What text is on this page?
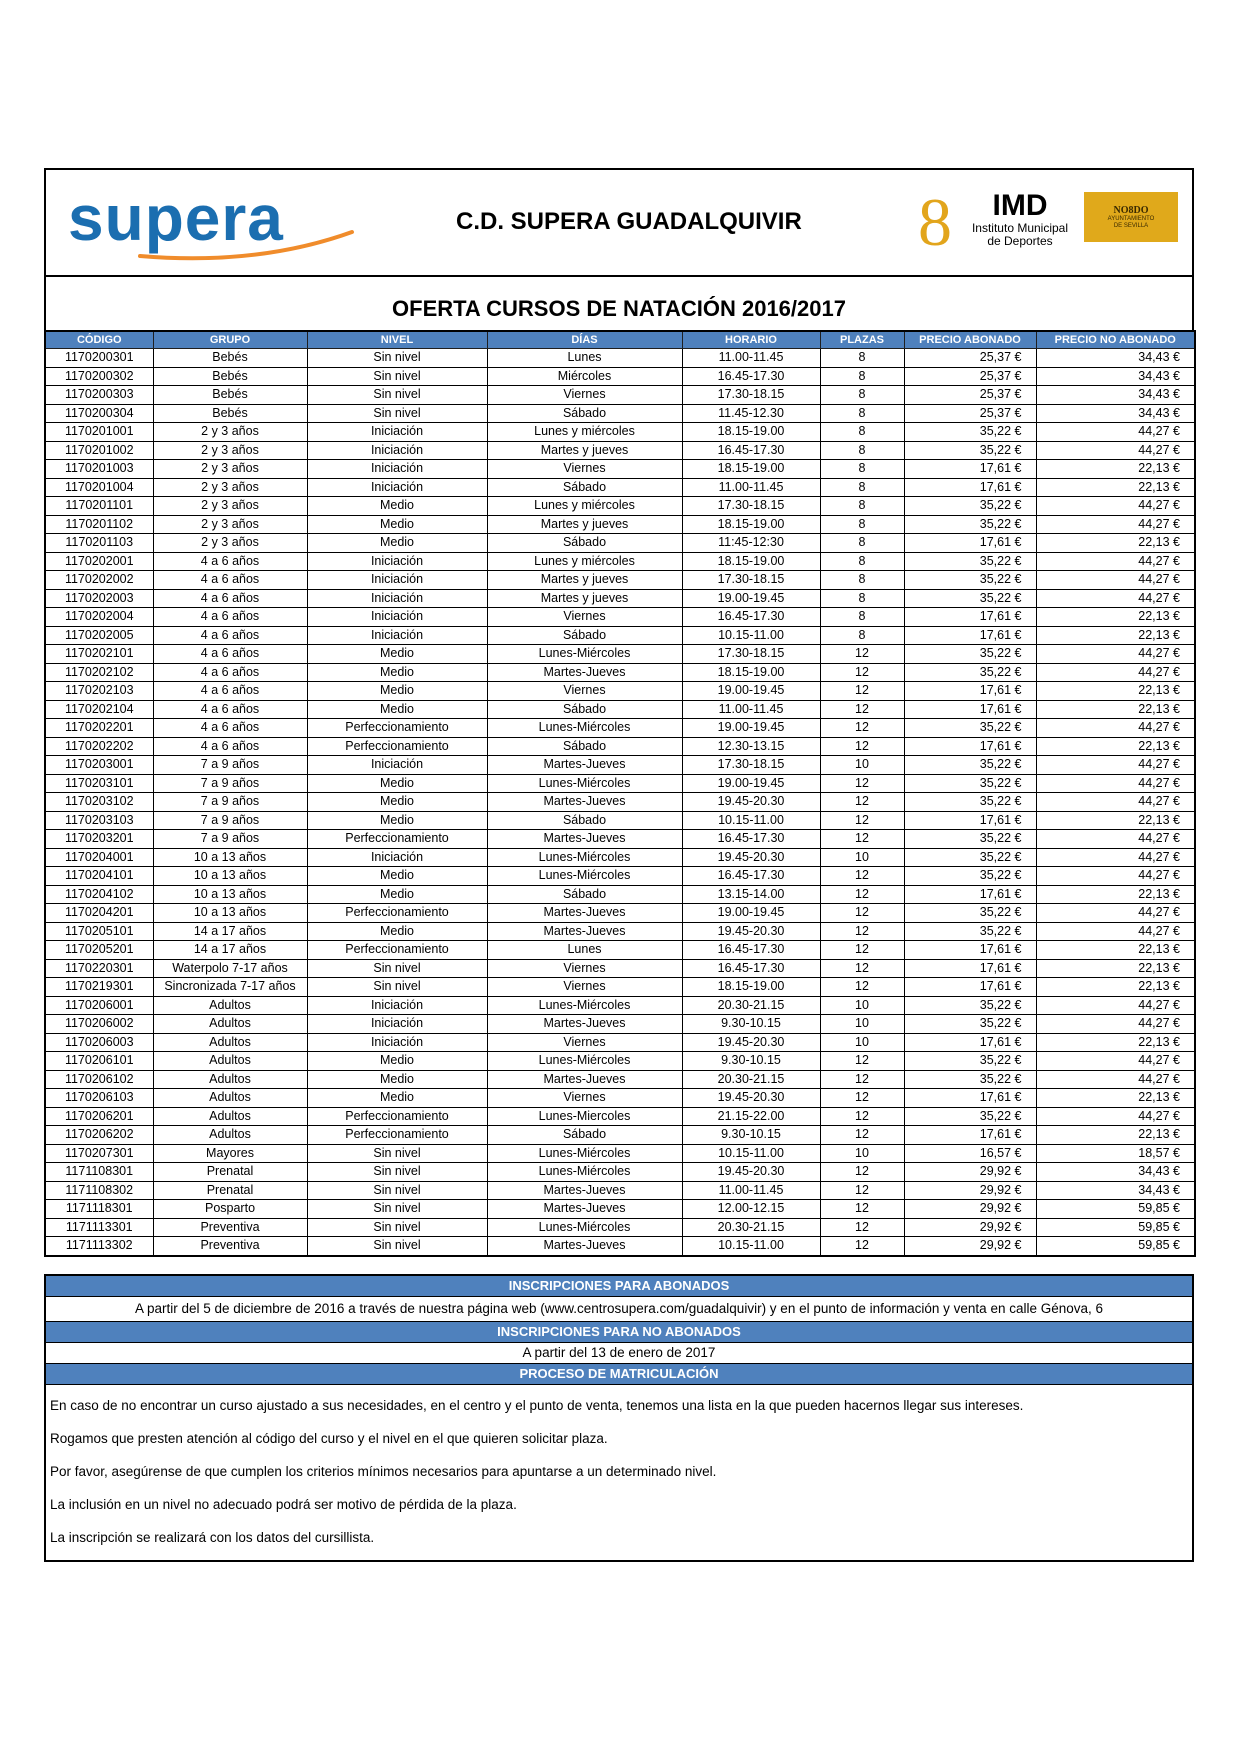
supera	C.D. SUPERA GUADALQUIVIR 8	IMD
Instituto Municipal
de Deportes
NO8DO
AYUNTAMIENTO
DE SEVILLA
OFERTA CURSOS DE NATACIÓN 2016/2017
CÓDIGO	GRUPO	NIVEL	DÍAS	HORARIO	PLAZAS	PRECIO ABONADO	PRECIO NO ABONADO
1170200301	Bebés	Sin nivel	Lunes	11.00-11.45	8	25,37 €	34,43 €
1170200302	Bebés	Sin nivel	Miércoles	16.45-17.30	8	25,37 €	34,43 €
1170200303	Bebés	Sin nivel	Viernes	17.30-18.15	8	25,37 €	34,43 €
1170200304	Bebés	Sin nivel	Sábado	11.45-12.30	8	25,37 €	34,43 €
1170201001	2 y 3 años	Iniciación	Lunes y miércoles	18.15-19.00	8	35,22 €	44,27 €
1170201002	2 y 3 años	Iniciación	Martes y jueves	16.45-17.30	8	35,22 €	44,27 €
1170201003	2 y 3 años	Iniciación	Viernes	18.15-19.00	8	17,61 €	22,13 €
1170201004	2 y 3 años	Iniciación	Sábado	11.00-11.45	8	17,61 €	22,13 €
1170201101	2 y 3 años	Medio	Lunes y miércoles	17.30-18.15	8	35,22 €	44,27 €
1170201102	2 y 3 años	Medio	Martes y jueves	18.15-19.00	8	35,22 €	44,27 €
1170201103	2 y 3 años	Medio	Sábado	11:45-12:30	8	17,61 €	22,13 €
1170202001	4 a 6 años	Iniciación	Lunes y miércoles	18.15-19.00	8	35,22 €	44,27 €
1170202002	4 a 6 años	Iniciación	Martes y jueves	17.30-18.15	8	35,22 €	44,27 €
1170202003	4 a 6 años	Iniciación	Martes y jueves	19.00-19.45	8	35,22 €	44,27 €
1170202004	4 a 6 años	Iniciación	Viernes	16.45-17.30	8	17,61 €	22,13 €
1170202005	4 a 6 años	Iniciación	Sábado	10.15-11.00	8	17,61 €	22,13 €
1170202101	4 a 6 años	Medio	Lunes-Miércoles	17.30-18.15	12	35,22 €	44,27 €
1170202102	4 a 6 años	Medio	Martes-Jueves	18.15-19.00	12	35,22 €	44,27 €
1170202103	4 a 6 años	Medio	Viernes	19.00-19.45	12	17,61 €	22,13 €
1170202104	4 a 6 años	Medio	Sábado	11.00-11.45	12	17,61 €	22,13 €
1170202201	4 a 6 años	Perfeccionamiento	Lunes-Miércoles	19.00-19.45	12	35,22 €	44,27 €
1170202202	4 a 6 años	Perfeccionamiento	Sábado	12.30-13.15	12	17,61 €	22,13 €
1170203001	7 a 9 años	Iniciación	Martes-Jueves	17.30-18.15	10	35,22 €	44,27 €
1170203101	7 a 9 años	Medio	Lunes-Miércoles	19.00-19.45	12	35,22 €	44,27 €
1170203102	7 a 9 años	Medio	Martes-Jueves	19.45-20.30	12	35,22 €	44,27 €
1170203103	7 a 9 años	Medio	Sábado	10.15-11.00	12	17,61 €	22,13 €
1170203201	7 a 9 años	Perfeccionamiento	Martes-Jueves	16.45-17.30	12	35,22 €	44,27 €
1170204001	10 a 13 años	Iniciación	Lunes-Miércoles	19.45-20.30	10	35,22 €	44,27 €
1170204101	10 a 13 años	Medio	Lunes-Miércoles	16.45-17.30	12	35,22 €	44,27 €
1170204102	10 a 13 años	Medio	Sábado	13.15-14.00	12	17,61 €	22,13 €
1170204201	10 a 13 años	Perfeccionamiento	Martes-Jueves	19.00-19.45	12	35,22 €	44,27 €
1170205101	14 a 17 años	Medio	Martes-Jueves	19.45-20.30	12	35,22 €	44,27 €
1170205201	14 a 17 años	Perfeccionamiento	Lunes	16.45-17.30	12	17,61 €	22,13 €
1170220301	Waterpolo 7-17 años	Sin nivel	Viernes	16.45-17.30	12	17,61 €	22,13 €
1170219301	Sincronizada 7-17 años	Sin nivel	Viernes	18.15-19.00	12	17,61 €	22,13 €
1170206001	Adultos	Iniciación	Lunes-Miércoles	20.30-21.15	10	35,22 €	44,27 €
1170206002	Adultos	Iniciación	Martes-Jueves	9.30-10.15	10	35,22 €	44,27 €
1170206003	Adultos	Iniciación	Viernes	19.45-20.30	10	17,61 €	22,13 €
1170206101	Adultos	Medio	Lunes-Miércoles	9.30-10.15	12	35,22 €	44,27 €
1170206102	Adultos	Medio	Martes-Jueves	20.30-21.15	12	35,22 €	44,27 €
1170206103	Adultos	Medio	Viernes	19.45-20.30	12	17,61 €	22,13 €
1170206201	Adultos	Perfeccionamiento	Lunes-Miercoles	21.15-22.00	12	35,22 €	44,27 €
1170206202	Adultos	Perfeccionamiento	Sábado	9.30-10.15	12	17,61 €	22,13 €
1170207301	Mayores	Sin nivel	Lunes-Miércoles	10.15-11.00	10	16,57 €	18,57 €
1171108301	Prenatal	Sin nivel	Lunes-Miércoles	19.45-20.30	12	29,92 €	34,43 €
1171108302	Prenatal	Sin nivel	Martes-Jueves	11.00-11.45	12	29,92 €	34,43 €
1171118301	Posparto	Sin nivel	Martes-Jueves	12.00-12.15	12	29,92 €	59,85 €
1171113301	Preventiva	Sin nivel	Lunes-Miércoles	20.30-21.15	12	29,92 €	59,85 €
1171113302	Preventiva	Sin nivel	Martes-Jueves	10.15-11.00	12	29,92 €	59,85 €
INSCRIPCIONES PARA ABONADOS
A partir del 5 de diciembre de 2016 a través de nuestra página web (www.centrosupera.com/guadalquivir) y en el punto de información y venta en calle Génova, 6
INSCRIPCIONES PARA NO ABONADOS
A partir del 13 de enero de 2017
PROCESO DE MATRICULACIÓN
En caso de no encontrar un curso ajustado a sus necesidades, en el centro y el punto de venta, tenemos una lista en la que pueden hacernos llegar sus intereses.
Rogamos que presten atención al código del curso y el nivel en el que quieren solicitar plaza.
Por favor, asegúrense de que cumplen los criterios mínimos necesarios para apuntarse a un determinado nivel.
La inclusión en un nivel no adecuado podrá ser motivo de pérdida de la plaza.
La inscripción se realizará con los datos del cursillista.
